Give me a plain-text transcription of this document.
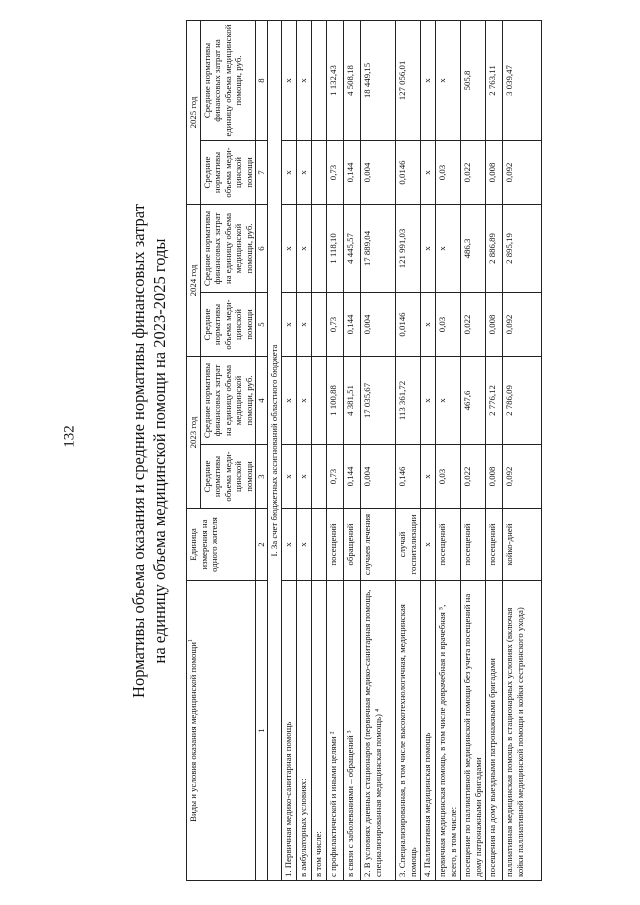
132	Нормативы объема оказания и средние нормативы финансовых затрат на единицу объема медицинской помощи на 2023-2025 годы
Виды и условия оказания медицинской помощи$^1$	Единица измерения на одного жителя	2023 год		2024 год		2025 год	
		Средние нормативы объема меди-цинской помощи	Средние нормативы финансовых затрат на единицу объема медицинской помощи, руб.	Средние нормативы объема меди-цинской помощи	Средние нормативы финансовых затрат на единицу объема медицинской помощи, руб.	Средние нормативы объема меди-цинской помощи	Средние нормативы финансовых затрат на единицу объема медицинской помощи, руб.
1	2	3	4	5	6	7	8
I. За счет бюджетных ассигнований областного бюджета							
1. Первичная медико-санитарная помощь	х	х	х	х	х	х	х
в амбулаторных условиях:	х	х	х	х	х	х	х
в том числе:							
с профилактической и иными целями ²	посещений	0,73	1 100,88	0,73	1 118,10	0,73	1 132,43
в связи с заболеваниями – обращений ³	обращений	0,144	4 381,51	0,144	4 445,57	0,144	4 508,18
2. В условиях дневных стационаров (первичная медико-санитарная помощь, специализированная медицинская помощь) ⁴	случаев лечения	0,004	17 035,67	0,004	17 889,04	0,004	18 449,15
3. Специализированная, в том числе высокотехнологичная, медицинская помощь	случай госпитализации	0,146	113 361,72	0,0146	121 991,03	0,0146	127 056,01
4. Паллиативная медицинская помощь	х	х	х	х	х	х	х
первичная медицинская помощь, в том числе доврачебная и врачебная ⁵, всего, в том числе:	посещений	0,03	х	0,03	х	0,03	х
посещение по паллиативной медицинской помощи без учета посещений на дому патронажными бригадами	посещений	0,022	467,6	0,022	486,3	0,022	505,8
посещения на дому выездными патронажными бригадами	посещений	0,008	2 776,12	0,008	2 886,89	0,008	2 763,11
паллиативная медицинская помощь в стационарных условиях (включая койки паллиативной медицинской помощи и койки сестринского ухода)	койко-дней	0,092	2 786,09	0,092	2 895,19	0,092	3 039,47
